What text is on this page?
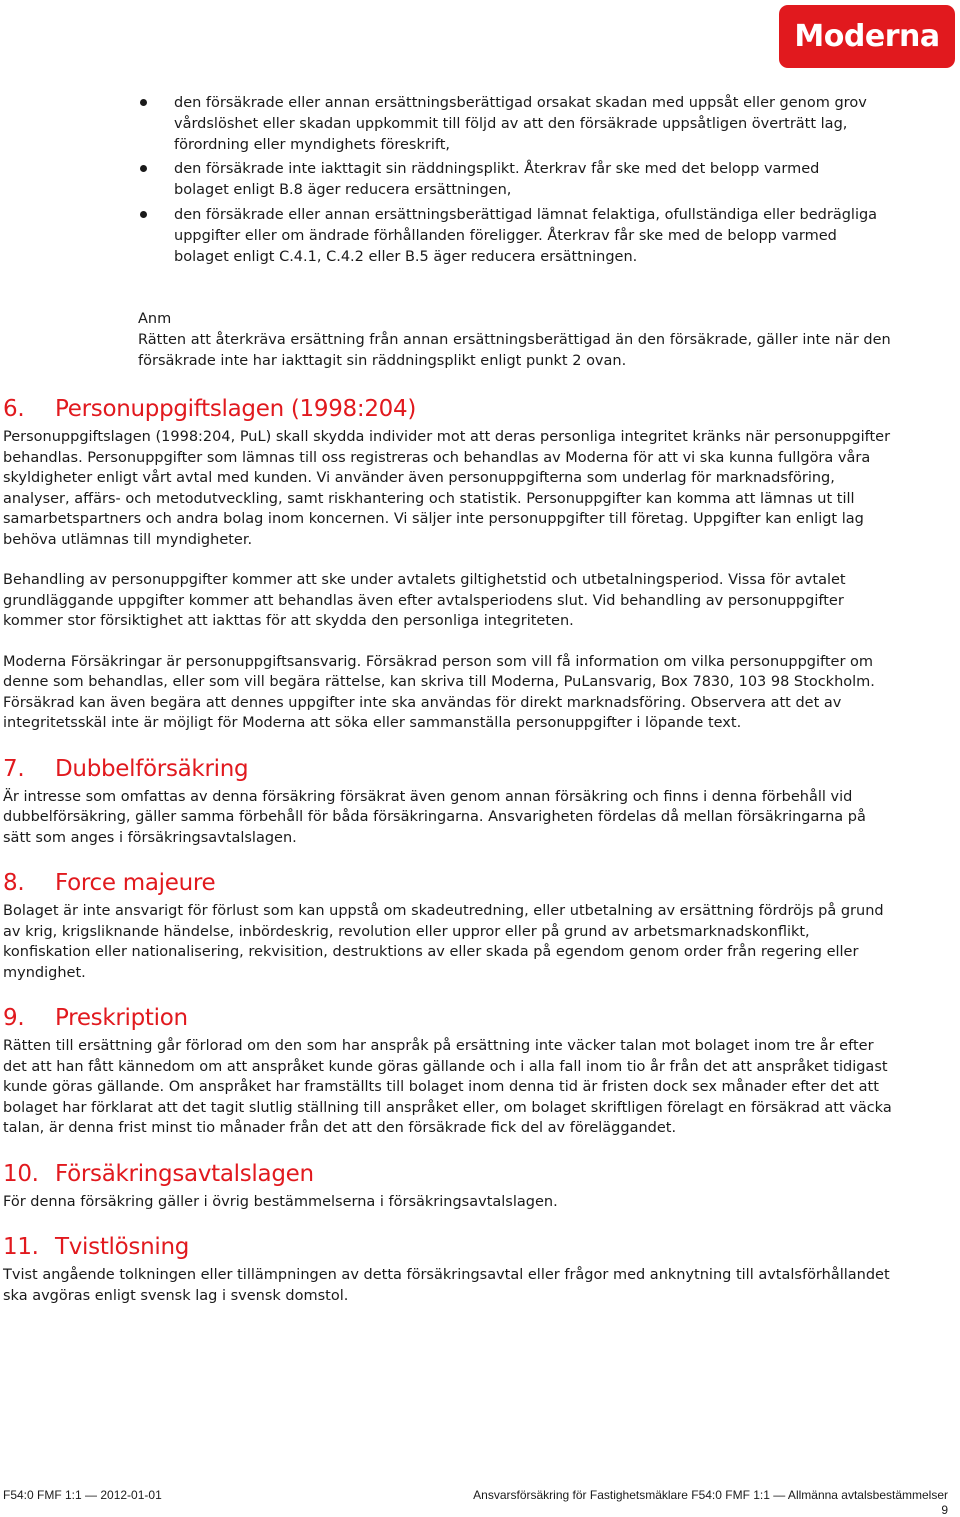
Moderna
den försäkrade eller annan ersättningsberättigad orsakat skadan med uppsåt eller genom grov vårdslöshet eller skadan uppkommit till följd av att den försäkrade uppsåtligen överträtt lag, förordning eller myndighets föreskrift,
den försäkrade inte iakttagit sin räddningsplikt. Återkrav får ske med det belopp varmed bolaget enligt B.8 äger reducera ersättningen,
den försäkrade eller annan ersättningsberättigad lämnat felaktiga, ofullständiga eller bedrägliga uppgifter eller om ändrade förhållanden föreligger. Återkrav får ske med de belopp varmed bolaget enligt C.4.1, C.4.2 eller B.5 äger reducera ersättningen.
Anm

Rätten att återkräva ersättning från annan ersättningsberättigad än den försäkrade, gäller inte när den försäkrade inte har iakttagit sin räddningsplikt enligt punkt 2 ovan.

6. Personuppgiftslagen (1998:204)

Personuppgiftslagen (1998:204, PuL) skall skydda individer mot att deras personliga integritet kränks när personuppgifter behandlas. Personuppgifter som lämnas till oss registreras och behandlas av Moderna för att vi ska kunna fullgöra våra skyldigheter enligt vårt avtal med kunden. Vi använder även personuppgifterna som underlag för marknadsföring, analyser, affärs- och metodutveckling, samt riskhantering och statistik. Personuppgifter kan komma att lämnas ut till samarbetspartners och andra bolag inom koncernen. Vi säljer inte personuppgifter till företag. Uppgifter kan enligt lag behöva utlämnas till myndigheter.

Behandling av personuppgifter kommer att ske under avtalets giltighetstid och utbetalningsperiod. Vissa för avtalet grundläggande uppgifter kommer att behandlas även efter avtalsperiodens slut. Vid behandling av personuppgifter kommer stor försiktighet att iakttas för att skydda den personliga integriteten.

Moderna Försäkringar är personuppgiftsansvarig. Försäkrad person som vill få information om vilka personuppgifter om denne som behandlas, eller som vill begära rättelse, kan skriva till Moderna, PuLansvarig, Box 7830, 103 98 Stockholm. Försäkrad kan även begära att dennes uppgifter inte ska användas för direkt marknadsföring. Observera att det av integritetsskäl inte är möjligt för Moderna att söka eller sammanställa personuppgifter i löpande text.

7. Dubbelförsäkring

Är intresse som omfattas av denna försäkring försäkrat även genom annan försäkring och finns i denna förbehåll vid dubbelförsäkring, gäller samma förbehåll för båda försäkringarna. Ansvarigheten fördelas då mellan försäkringarna på sätt som anges i försäkringsavtalslagen.

8. Force majeure

Bolaget är inte ansvarigt för förlust som kan uppstå om skadeutredning, eller utbetalning av ersättning fördröjs på grund av krig, krigsliknande händelse, inbördeskrig, revolution eller uppror eller på grund av arbetsmarknadskonflikt, konfiskation eller nationalisering, rekvisition, destruktions av eller skada på egendom genom order från regering eller myndighet.

9. Preskription

Rätten till ersättning går förlorad om den som har anspråk på ersättning inte väcker talan mot bolaget inom tre år efter det att han fått kännedom om att anspråket kunde göras gällande och i alla fall inom tio år från det att anspråket tidigast kunde göras gällande. Om anspråket har framställts till bolaget inom denna tid är fristen dock sex månader efter det att bolaget har förklarat att det tagit slutlig ställning till anspråket eller, om bolaget skriftligen förelagt en försäkrad att väcka talan, är denna frist minst tio månader från det att den försäkrade fick del av föreläggandet.

10. Försäkringsavtalslagen

För denna försäkring gäller i övrig bestämmelserna i försäkringsavtalslagen.

11. Tvistlösning

Tvist angående tolkningen eller tillämpningen av detta försäkringsavtal eller frågor med anknytning till avtalsförhållandet ska avgöras enligt svensk lag i svensk domstol.

F54:0 FMF 1:1 — 2012-01-01	Ansvarsförsäkring för Fastighetsmäklare F54:0 FMF 1:1 — Allmänna avtalsbestämmelser
9
